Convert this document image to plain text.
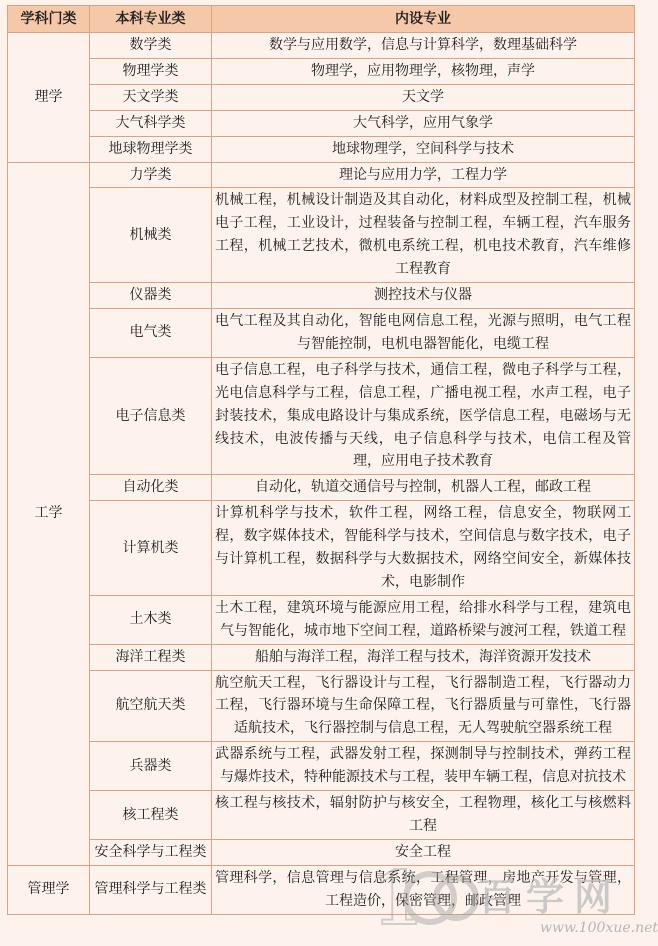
学科门类	本科专业类	内设专业
理学	数学类	数学与应用数学，信息与计算科学，数理基础科学
	物理学类	物理学，应用物理学，核物理，声学
	天文学类	天文学
	大气科学类	大气科学，应用气象学
	地球物理学类	地球物理学，空间科学与技术
工学	力学类	理论与应用力学，工程力学
	机械类	机械工程，机械设计制造及其自动化，材料成型及控制工程，机械电子工程，工业设计，过程装备与控制工程，车辆工程，汽车服务工程，机械工艺技术，微机电系统工程，机电技术教育，汽车维修工程教育
	仪器类	测控技术与仪器
	电气类	电气工程及其自动化，智能电网信息工程，光源与照明，电气工程与智能控制，电机电器智能化，电缆工程
	电子信息类	电子信息工程，电子科学与技术，通信工程，微电子科学与工程，光电信息科学与工程，信息工程，广播电视工程，水声工程，电子封装技术，集成电路设计与集成系统，医学信息工程，电磁场与无线技术，电波传播与天线，电子信息科学与技术，电信工程及管理，应用电子技术教育
	自动化类	自动化，轨道交通信号与控制，机器人工程，邮政工程
	计算机类	计算机科学与技术，软件工程，网络工程，信息安全，物联网工程，数字媒体技术，智能科学与技术，空间信息与数字技术，电子与计算机工程，数据科学与大数据技术，网络空间安全，新媒体技术，电影制作
	土木类	土木工程，建筑环境与能源应用工程，给排水科学与工程，建筑电气与智能化，城市地下空间工程，道路桥梁与渡河工程，铁道工程
	海洋工程类	船舶与海洋工程，海洋工程与技术，海洋资源开发技术
	航空航天类	航空航天工程，飞行器设计与工程，飞行器制造工程，飞行器动力工程，飞行器环境与生命保障工程，飞行器质量与可靠性，飞行器适航技术，飞行器控制与信息工程，无人驾驶航空器系统工程
	兵器类	武器系统与工程，武器发射工程，探测制导与控制技术，弹药工程与爆炸技术，特种能源技术与工程，装甲车辆工程，信息对抗技术
	核工程类	核工程与核技术，辐射防护与核安全，工程物理，核化工与核燃料工程
	安全科学与工程类	安全工程
管理学	管理科学与工程类	管理科学，信息管理与信息系统，工程管理，房地产开发与管理，工程造价，保密管理，邮政管理
1 百学网
www.100xue.net
